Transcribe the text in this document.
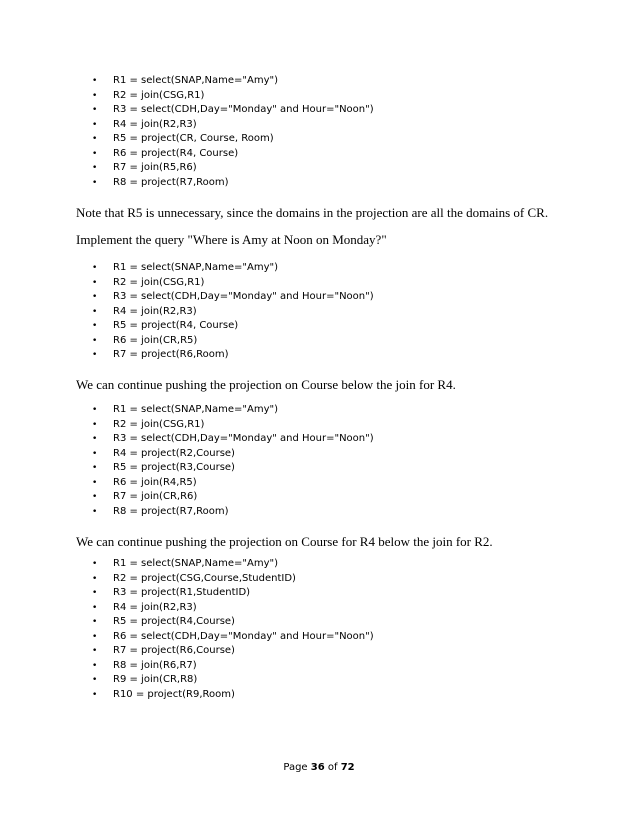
• R1 = select(SNAP,Name="Amy")
• R2 = join(CSG,R1)
• R3 = select(CDH,Day="Monday" and Hour="Noon")
• R4 = join(R2,R3)
• R5 = project(CR, Course, Room)
• R6 = project(R4, Course)
• R7 = join(R5,R6)
• R8 = project(R7,Room)

Note that R5 is unnecessary, since the domains in the projection are all the domains of CR.

Implement the query "Where is Amy at Noon on Monday?"

• R1 = select(SNAP,Name="Amy")
• R2 = join(CSG,R1)
• R3 = select(CDH,Day="Monday" and Hour="Noon")
• R4 = join(R2,R3)
• R5 = project(R4, Course)
• R6 = join(CR,R5)
• R7 = project(R6,Room)

We can continue pushing the projection on Course below the join for R4.

• R1 = select(SNAP,Name="Amy")
• R2 = join(CSG,R1)
• R3 = select(CDH,Day="Monday" and Hour="Noon")
• R4 = project(R2,Course)
• R5 = project(R3,Course)
• R6 = join(R4,R5)
• R7 = join(CR,R6)
• R8 = project(R7,Room)

We can continue pushing the projection on Course for R4 below the join for R2.

• R1 = select(SNAP,Name="Amy")
• R2 = project(CSG,Course,StudentID)
• R3 = project(R1,StudentID)
• R4 = join(R2,R3)
• R5 = project(R4,Course)
• R6 = select(CDH,Day="Monday" and Hour="Noon")
• R7 = project(R6,Course)
• R8 = join(R6,R7)
• R9 = join(CR,R8)
• R10 = project(R9,Room)
Page 36 of 72
